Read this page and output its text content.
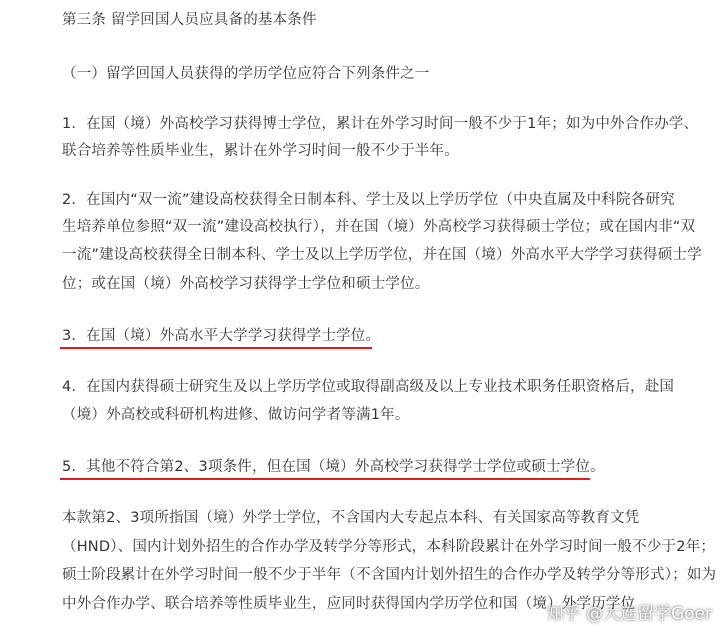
第三条 留学回国人员应具备的基本条件
（一）留学回国人员获得的学历学位应符合下列条件之一
1．在国（境）外高校学习获得博士学位，累计在外学习时间一般不少于1年；如为中外合作办学、
联合培养等性质毕业生，累计在外学习时间一般不少于半年。
2．在国内“双一流”建设高校获得全日制本科、学士及以上学历学位（中央直属及中科院各研究
生培养单位参照“双一流”建设高校执行），并在国（境）外高校学习获得硕士学位；或在国内非“双
一流”建设高校获得全日制本科、学士及以上学历学位，并在国（境）外高水平大学学习获得硕士学
位；或在国（境）外高校学习获得学士学位和硕士学位。
3．在国（境）外高水平大学学习获得学士学位。
4．在国内获得硕士研究生及以上学历学位或取得副高级及以上专业技术职务任职资格后，赴国
（境）外高校或科研机构进修、做访问学者等满1年。
5．其他不符合第2、3项条件，但在国（境）外高校学习获得学士学位或硕士学位。
本款第2、3项所指国（境）外学士学位，不含国内大专起点本科、有关国家高等教育文凭
（HND）、国内计划外招生的合作办学及转学分等形式，本科阶段累计在外学习时间一般不少于2年；
硕士阶段累计在外学习时间一般不少于半年（不含国内计划外招生的合作办学及转学分等形式）；如为
中外合作办学、联合培养等性质毕业生，应同时获得国内学历学位和国（境）外学历学位
知乎 @大连留学Goer
